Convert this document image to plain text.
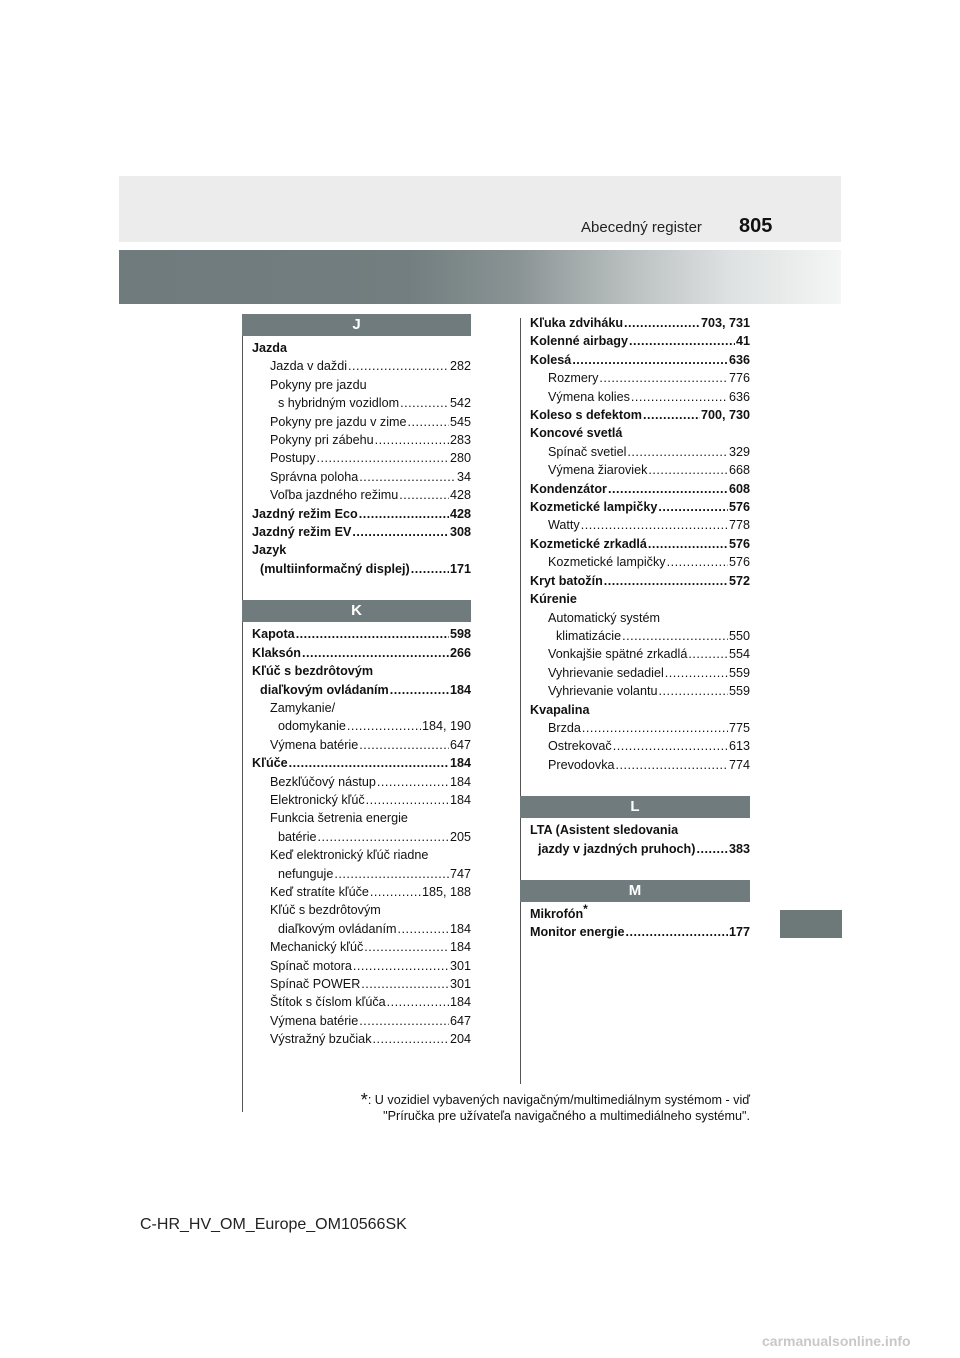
Abecedný register 805
J
Jazda
Jazda v daždi .....	282
Pokyny pre jazdu
s hybridným vozidlom .....	542
Pokyny pre jazdu v zime .....	545
Pokyny pri zábehu .....	283
Postupy .....	280
Správna poloha .....	34
Voľba jazdného režimu .....	428
Jazdný režim Eco .....	428
Jazdný režim EV .....	308
Jazyk
(multiinformačný displej) .....	171
K
Kapota .....	598
Klaksón .....	266
Kľúč s bezdrôtovým
diaľkovým ovládaním .....	184
Zamykanie/
odomykanie .....	184, 190
Výmena batérie .....	647
Kľúče .....	184
Bezkľúčový nástup .....	184
Elektronický kľúč .....	184
Funkcia šetrenia energie
batérie .....	205
Keď elektronický kľúč riadne
nefunguje .....	747
Keď stratíte kľúče .....	185, 188
Kľúč s bezdrôtovým
diaľkovým ovládaním .....	184
Mechanický kľúč .....	184
Spínač motora .....	301
Spínač POWER .....	301
Štítok s číslom kľúča .....	184
Výmena batérie .....	647
Výstražný bzučiak .....	204
Kľuka zdviháku .....	703, 731
Kolenné airbagy .....	41
Kolesá .....	636
Rozmery .....	776
Výmena kolies .....	636
Koleso s defektom .....	700, 730
Koncové svetlá
Spínač svetiel .....	329
Výmena žiaroviek .....	668
Kondenzátor .....	608
Kozmetické lampičky .....	576
Watty .....	778
Kozmetické zrkadlá .....	576
Kozmetické lampičky .....	576
Kryt batožín .....	572
Kúrenie
Automatický systém
klimatizácie .....	550
Vonkajšie spätné zrkadlá .....	554
Vyhrievanie sedadiel .....	559
Vyhrievanie volantu .....	559
Kvapalina
Brzda .....	775
Ostrekovač .....	613
Prevodovka .....	774
L
LTA (Asistent sledovania
jazdy v jazdných pruhoch) .....	383
M
Mikrofón*
Monitor energie .....	177
*: U vozidiel vybavených navigačným/multimediálnym systémom - viď
"Príručka pre užívateľa navigačného a multimediálneho systému".
C-HR_HV_OM_Europe_OM10566SK
carmanualsonline.info
